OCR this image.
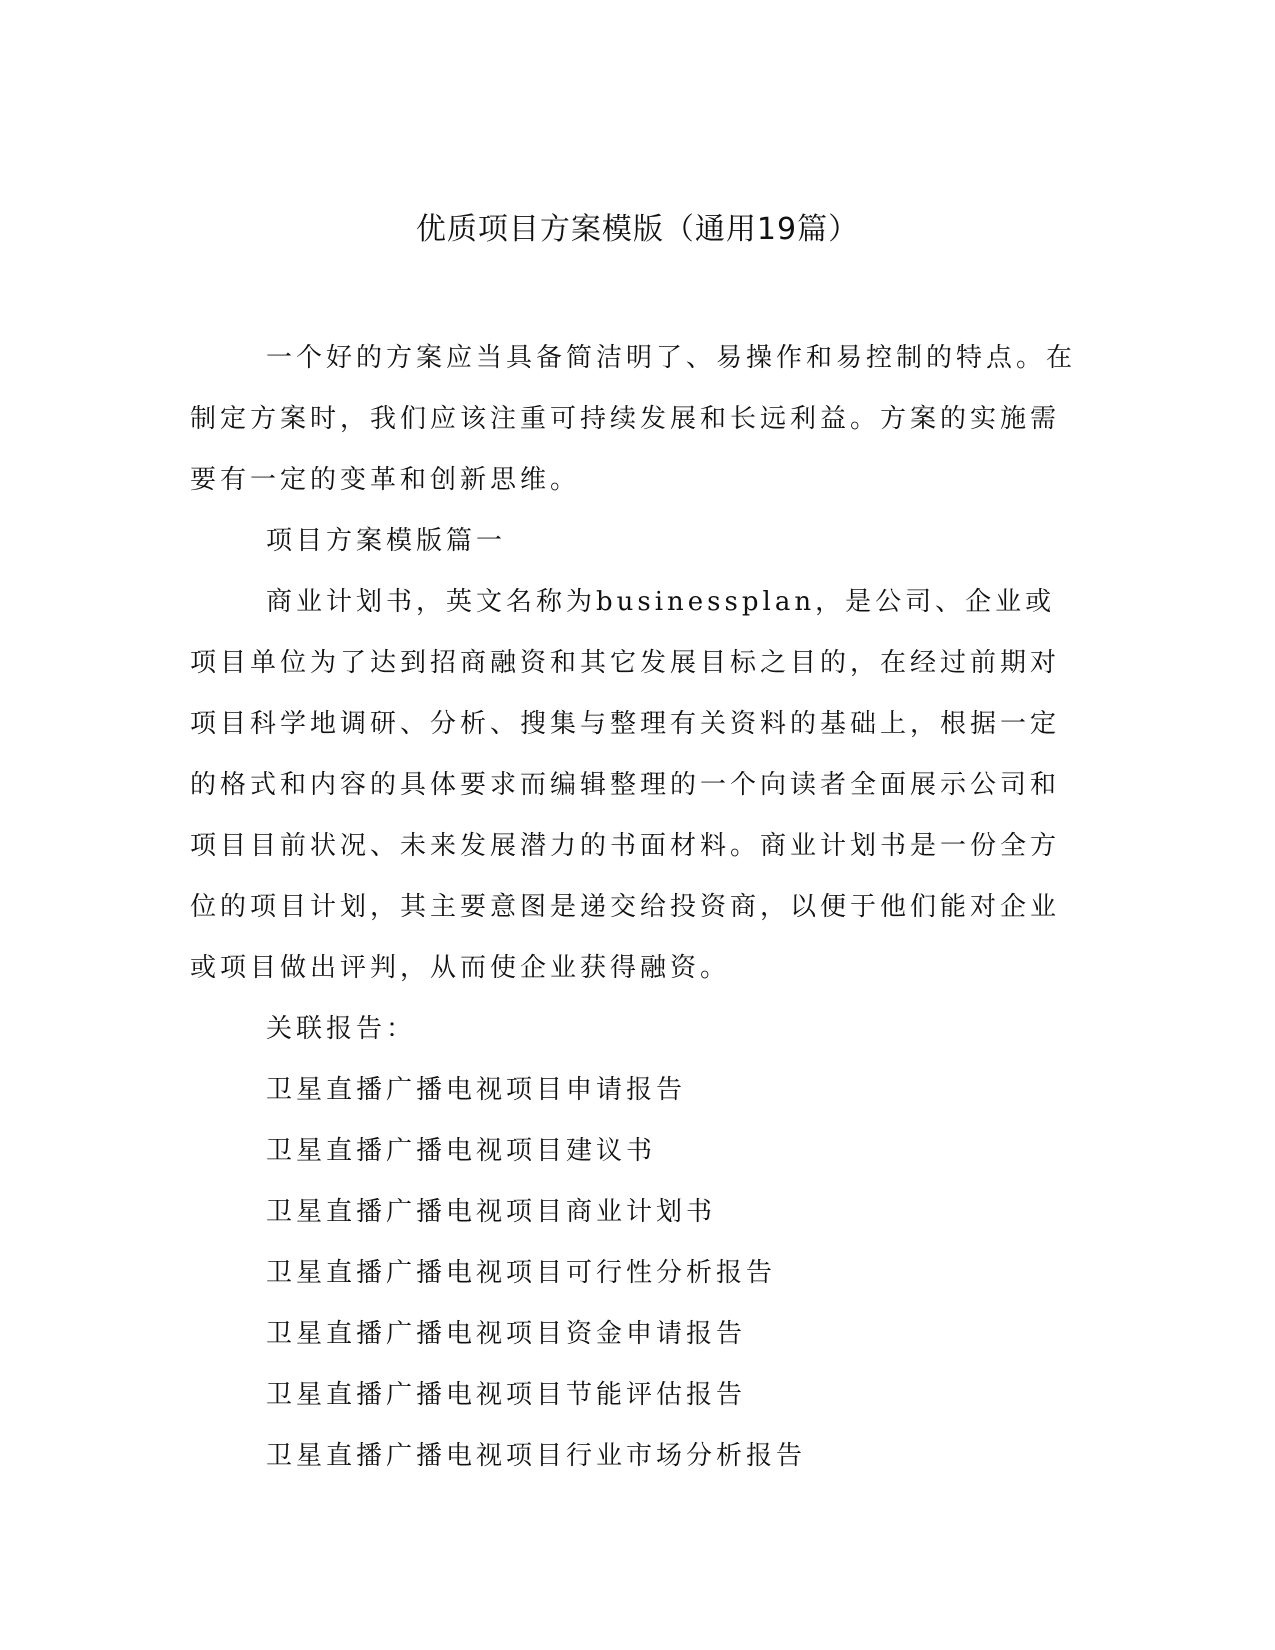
优质项目方案模版（通用19篇）

一个好的方案应当具备简洁明了、易操作和易控制的特点。在制定方案时，我们应该注重可持续发展和长远利益。方案的实施需要有一定的变革和创新思维。

项目方案模版篇一

商业计划书，英文名称为businessplan，是公司、企业或项目单位为了达到招商融资和其它发展目标之目的，在经过前期对项目科学地调研、分析、搜集与整理有关资料的基础上，根据一定的格式和内容的具体要求而编辑整理的一个向读者全面展示公司和项目目前状况、未来发展潜力的书面材料。商业计划书是一份全方位的项目计划，其主要意图是递交给投资商，以便于他们能对企业或项目做出评判，从而使企业获得融资。

关联报告：

卫星直播广播电视项目申请报告
卫星直播广播电视项目建议书
卫星直播广播电视项目商业计划书
卫星直播广播电视项目可行性分析报告
卫星直播广播电视项目资金申请报告
卫星直播广播电视项目节能评估报告
卫星直播广播电视项目行业市场分析报告
